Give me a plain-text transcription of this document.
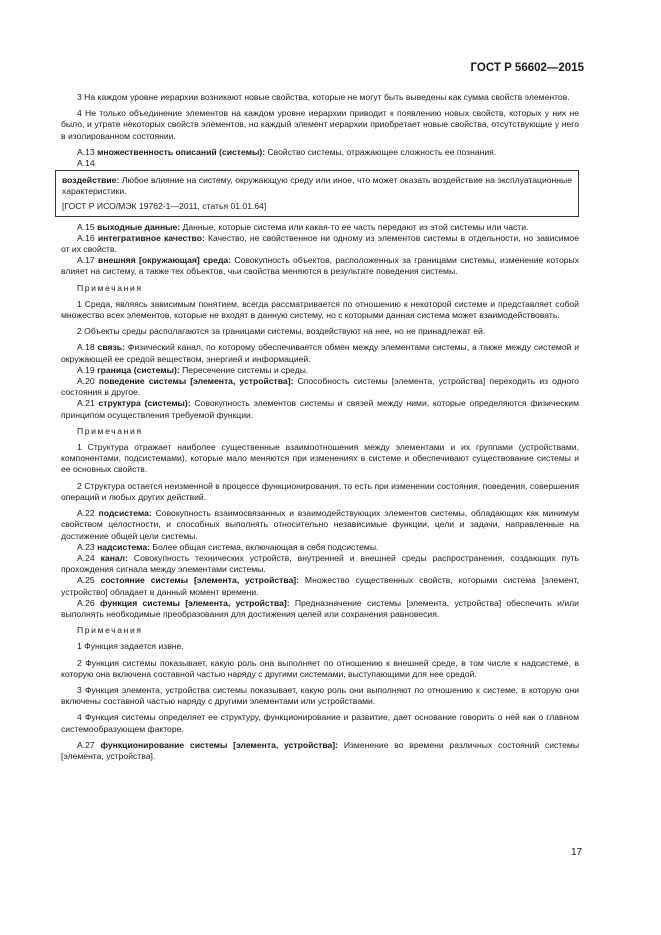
ГОСТ Р 56602—2015

3 На каждом уровне иерархии возникают новые свойства, которые не могут быть выведены как сумма свойств элементов.

4 Не только объединение элементов на каждом уровне иерархии приводит к появлению новых свойств, которых у них не было, и утрате некоторых свойств элементов, но каждый элемент иерархии приобретает новые свойства, отсутствующие у него в изолированном состоянии.

А.13 множественность описаний (системы): Свойство системы, отражающее сложность ее познания.

А.14

воздействие: Любое влияние на систему, окружающую среду или иное, что может оказать воздействие на эксплуатационные характеристики.

[ГОСТ Р ИСО/МЭК 19762-1—2011, статья 01.01.64]

А.15 выходные данные: Данные, которые система или какая-то ее часть передают из этой системы или части.

А.16 интегративное качество: Качество, не свойственное ни одному из элементов системы в отдельности, но зависимое от их свойств.

А.17 внешняя [окружающая] среда: Совокупность объектов, расположенных за границами системы, изменение которых влияет на систему, а также тех объектов, чьи свойства меняются в результате поведения системы.

Примечания

1 Среда, являясь зависимым понятием, всегда рассматривается по отношению к некоторой системе и представляет собой множество всех элементов, которые не входят в данную систему, но с которыми данная система может взаимодействовать.

2 Объекты среды располагаются за границами системы, воздействуют на нее, но не принадлежат ей.

А.18 связь: Физический канал, по которому обеспечивается обмен между элементами системы, а также между системой и окружающей ее средой веществом, энергией и информацией.

А.19 граница (системы): Пересечение системы и среды.

А.20 поведение системы [элемента, устройства]: Способность системы [элемента, устройства] переходить из одного состояния в другое.

А.21 структура (системы): Совокупность элементов системы и связей между ними, которые определяются физическим принципом осуществления требуемой функции.

Примечания

1 Структура отражает наиболее существенные взаимоотношения между элементами и их группами (устройствами, компонентами, подсистемами), которые мало меняются при изменениях в системе и обеспечивают существование системы и ее основных свойств.

2 Структура остается неизменной в процессе функционирования, то есть при изменении состояния, поведения, совершения операций и любых других действий.

А.22 подсистема: Совокупность взаимосвязанных и взаимодействующих элементов системы, обладающих как минимум свойством целостности, и способных выполнять относительно независимые функции, цели и задачи, направленные на достижение общей цели системы.

А.23 надсистема: Более общая система, включающая в себя подсистемы.

А.24 канал: Совокупность технических устройств, внутренней и внешней среды распространения, создающих путь прохождения сигнала между элементами системы.

А.25 состояние системы [элемента, устройства]: Множество существенных свойств, которыми система [элемент, устройство] обладает в данный момент времени.

А.26 функция системы [элемента, устройства]: Предназначение системы [элемента, устройства] обеспечить и/или выполнять необходимые преобразования для достижения целей или сохранения равновесия.

Примечания

1 Функция задается извне.

2 Функция системы показывает, какую роль она выполняет по отношению к внешней среде, в том числе к надсистеме, в которую она включена составной частью наряду с другими системами, выступающими для нее средой.

3 Функция элемента, устройства системы показывает, какую роль они выполняют по отношению к системе, в которую они включены составной частью наряду с другими элементами или устройствами.

4 Функция системы определяет ее структуру, функционирование и развитие, дает основание говорить о ней как о главном системообразующем факторе.

А.27 функционирование системы [элемента, устройства]: Изменение во времени различных состояний системы [элемента, устройства].

17
